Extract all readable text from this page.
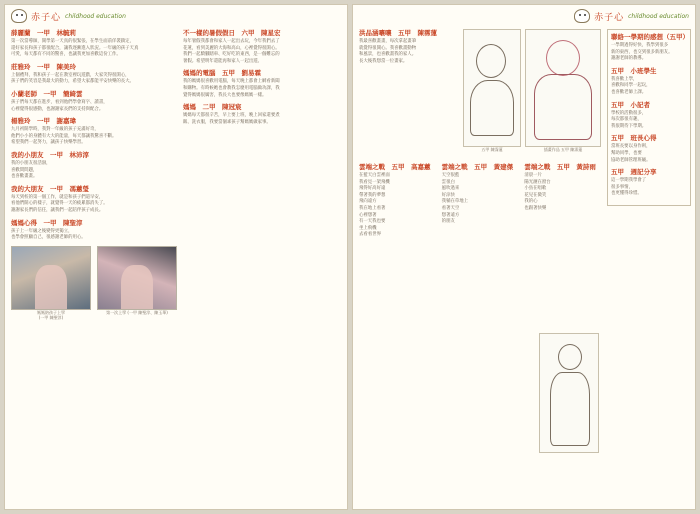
赤子心 childhood education
薛麗蘭　一甲　林毓莉
第一次當導師，開學第一天真的很緊張，在學生面前佯裝鎮定，
還好家長和孩子都很配合，讓我逐漸進入狀況。一年級的孩子天真
可愛，每天都有不同的驚喜，也讓我更加喜歡這份工作。
莊雅玲　一甲　陳美玲
上個禮拜，我和孩子一起在教室裡玩遊戲，大家笑得很開心，
孩子們的笑容是我最大的動力，希望大家都能平安快樂的長大。
小蘭老師　一甲　簡綺雲
孩子們每天都在進步，看到他們學會寫字、讀書，
心裡覺得很感動，也謝謝家長們的支持與配合。
楊雅玲　一甲　謝嘉瑋
九月初開學時，我對一年級的孩子充滿好奇，
他們小小的身體有大大的能量，每天都讓我驚喜不斷。
希望我們一起努力，讓孩子快樂學習。
我的小朋友　一甲　林沛淳
我的小朋友很活潑，
喜歡問問題，
也喜歡畫畫。
我的大朋友　一甲　馮蕙瑩
每天到校的第一個工作，就是和孩子們道早安，
看他們開心的樣子，就覺得一天的疲累都消失了。
謝謝家長們的信任，讓我們一起陪伴孩子成長。
媽媽心得　一甲　陳聖淳
孩子上一年級之後變得更獨立，
也學會照顧自己，很感謝老師的用心。
媽媽陪孩子上學
(一甲 陳聖淳)
第一次上學 (一甲 陳聖淳、陳玉華)
不一樣的暑假假日　六甲　陳星宏
每年暑假我都會和家人一起出去玩，今年我們去了
花蓮，看到美麗的大海和高山，心裡覺得很開心。
我們一起騎腳踏車、吃好吃的東西，是一個難忘的
暑假。希望明年還能再和家人一起出遊。
媽媽的電腦　五甲　劉易霖
我的媽媽很喜歡用電腦，每天晚上都會上網看新聞
和購物。有時候她也會教我怎麼用電腦做功課，我
覺得媽媽很厲害，我長大也要像媽媽一樣。
媽媽　二甲　陳冠宸
媽媽每天都很辛苦，早上要上班，晚上回家還要煮
飯、洗衣服，我要當個乖孩子幫媽媽做家事。
赤子心 childhood education
洪品涵嚷嚷　五甲　陳霈蓮
我最喜歡畫畫，每次拿起畫筆
就覺得很開心。我喜歡畫動物
和風景，也喜歡畫我的家人。
長大後我想當一位畫家。
五甲 陳霈蓮	插畫作品 五甲 陳霈蓮
雲端之戰　五甲　高嘉蕙
在藍天白雲裡面
我看見一架飛機
飛得好高好遠
帶著我的夢想
飛向遠方
我在地上看著
心裡想著
有一天我也要
坐上飛機
去看看世界
雲端之戰　五甲　黃建傑
天空很藍
雲很白
風吹過來
好涼快
我躺在草地上
看著天空
想著遠方
的朋友
雲端之戰　五甲　黃詩雨
清晨一片
陽光灑在窗台
小鳥在唱歌
花兒在微笑
我的心
也跟著快樂
聯絡一學期的感想（五甲）
一學期過得好快，我學到很多
新的東西，也交到很多新朋友。
謝謝老師的教導。
五甲　小班學生
我喜歡上學，
喜歡和同學一起玩，
也喜歡老師上課。
五甲　小記者
學校的活動很多，
每次都很有趣，
我很期待下學期。
五甲　班長心得
當班長要以身作則，
幫助同學，也要
協助老師管理班級。
五甲　週記分享
這一學期我學會了
很多事情，
也更懂得珍惜。
